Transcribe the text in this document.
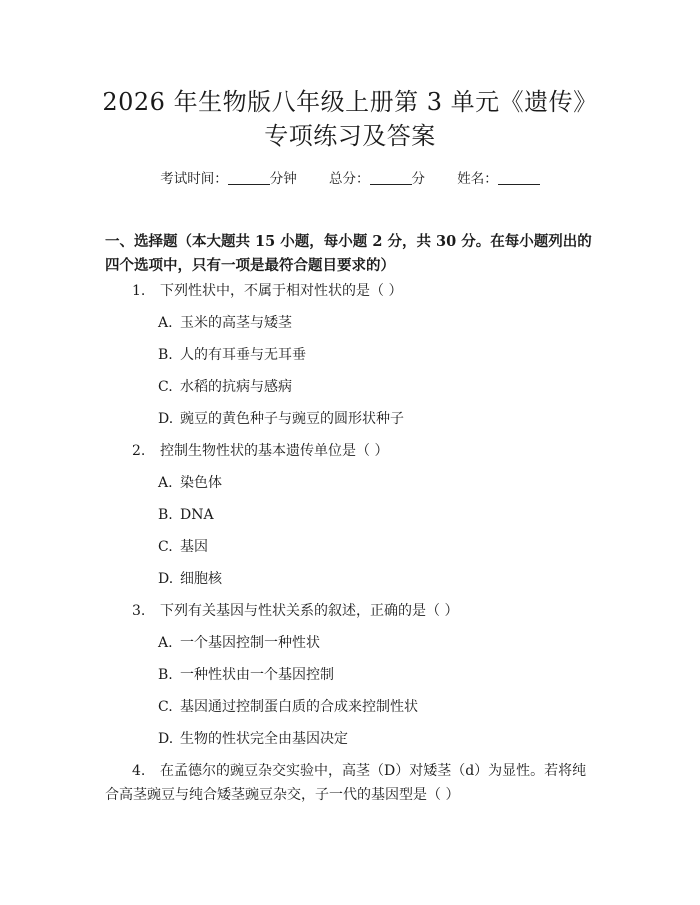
2026 年生物版八年级上册第 3 单元《遗传》
专项练习及答案
考试时间：	分钟 总分：	分 姓名：
一、选择题（本大题共 15 小题，每小题 2 分，共 30 分。在每小题列出的四个选项中，只有一项是最符合题目要求的）
1. 下列性状中，不属于相对性状的是（ ）
A. 玉米的高茎与矮茎
B. 人的有耳垂与无耳垂
C. 水稻的抗病与感病
D. 豌豆的黄色种子与豌豆的圆形状种子
2. 控制生物性状的基本遗传单位是（ ）
A. 染色体
B. DNA
C. 基因
D. 细胞核
3. 下列有关基因与性状关系的叙述，正确的是（ ）
A. 一个基因控制一种性状
B. 一种性状由一个基因控制
C. 基因通过控制蛋白质的合成来控制性状
D. 生物的性状完全由基因决定
4. 在孟德尔的豌豆杂交实验中，高茎（D）对矮茎（d）为显性。若将纯合高茎豌豆与纯合矮茎豌豆杂交，子一代的基因型是（ ）
